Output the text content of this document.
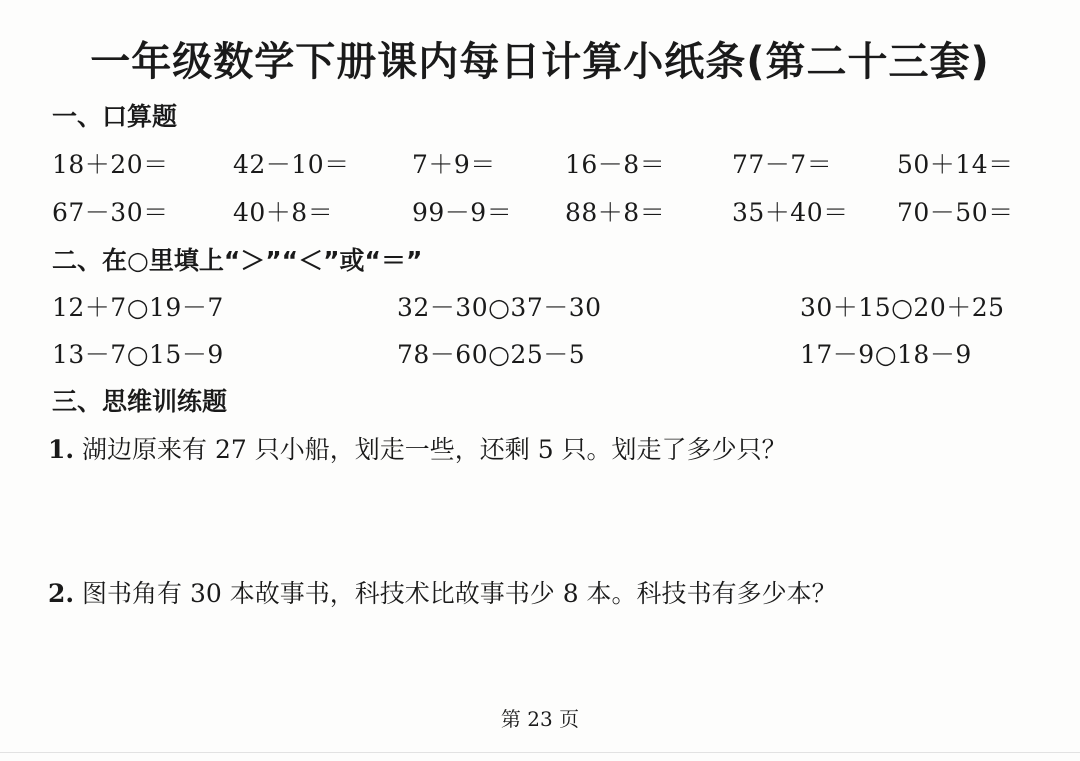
一年级数学下册课内每日计算小纸条(第二十三套)
一、口算题
18＋20＝	42－10＝ 7＋9＝	16－8＝	77－7＝	50＋14＝
67－30＝	40＋8＝	99－9＝ 88＋8＝	35＋40＝ 70－50＝
二、在○里填上“＞”“＜”或“＝”
12＋7○19－7	32－30○37－30	30＋15○20＋25
13－7○15－9	78－60○25－5	17－9○18－9
三、思维训练题
1. 湖边原来有 27 只小船，划走一些，还剩 5 只。划走了多少只？
2. 图书角有 30 本故事书，科技术比故事书少 8 本。科技书有多少本？
第 23 页
